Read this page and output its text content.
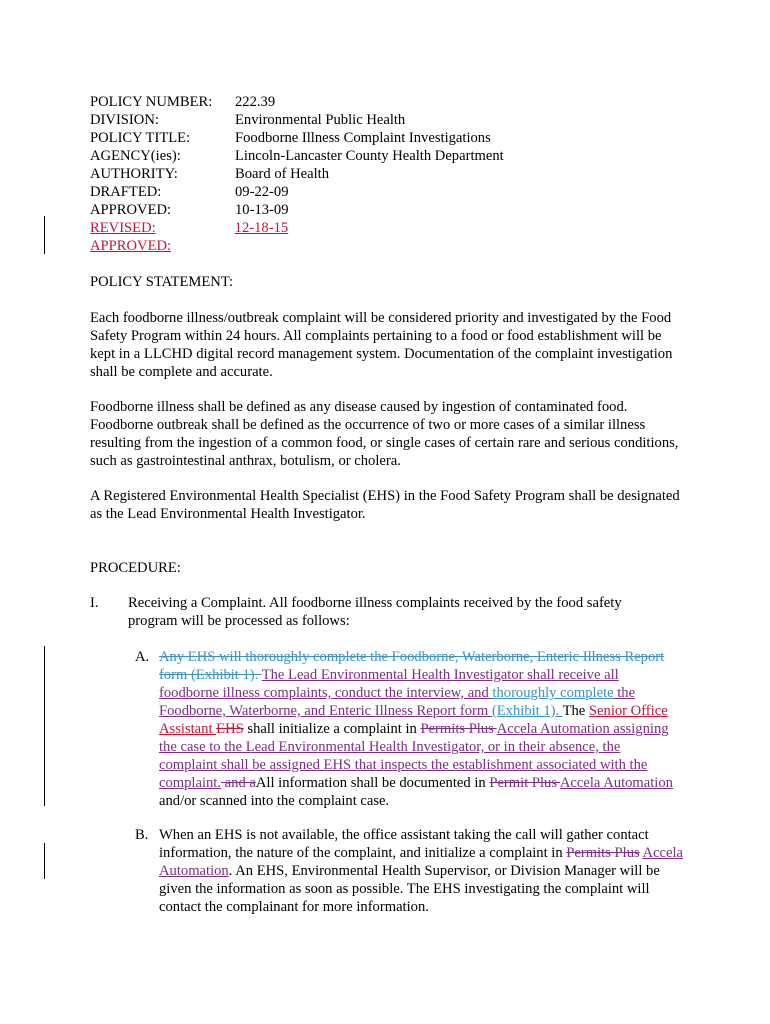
POLICY NUMBER: 222.39
DIVISION:	Environmental Public Health
POLICY TITLE:	Foodborne Illness Complaint Investigations
AGENCY(ies):	Lincoln-Lancaster County Health Department
AUTHORITY:	Board of Health
DRAFTED:	09-22-09
APPROVED:	10-13-09
REVISED:	12-18-15
APPROVED:
POLICY STATEMENT:
Each foodborne illness/outbreak complaint will be considered priority and investigated by the Food Safety Program within 24 hours. All complaints pertaining to a food or food establishment will be kept in a LLCHD digital record management system. Documentation of the complaint investigation shall be complete and accurate.
Foodborne illness shall be defined as any disease caused by ingestion of contaminated food. Foodborne outbreak shall be defined as the occurrence of two or more cases of a similar illness resulting from the ingestion of a common food, or single cases of certain rare and serious conditions, such as gastrointestinal anthrax, botulism, or cholera.
A Registered Environmental Health Specialist (EHS) in the Food Safety Program shall be designated as the Lead Environmental Health Investigator.
PROCEDURE:
I. Receiving a Complaint. All foodborne illness complaints received by the food safety program will be processed as follows:
A. Any EHS will thoroughly complete the Foodborne, Waterborne, Enteric Illness Report form (Exhibit 1). The Lead Environmental Health Investigator shall receive all foodborne illness complaints, conduct the interview, and thoroughly complete the Foodborne, Waterborne, and Enteric Illness Report form (Exhibit 1). The Senior Office Assistant EHS shall initialize a complaint in Permits Plus Accela Automation assigning the case to the Lead Environmental Health Investigator, or in their absence, the complaint shall be assigned EHS that inspects the establishment associated with the complaint. and aAll information shall be documented in Permit Plus Accela Automation and/or scanned into the complaint case.
B. When an EHS is not available, the office assistant taking the call will gather contact information, the nature of the complaint, and initialize a complaint in Permits Plus Accela Automation. An EHS, Environmental Health Supervisor, or Division Manager will be given the information as soon as possible. The EHS investigating the complaint will contact the complainant for more information.
